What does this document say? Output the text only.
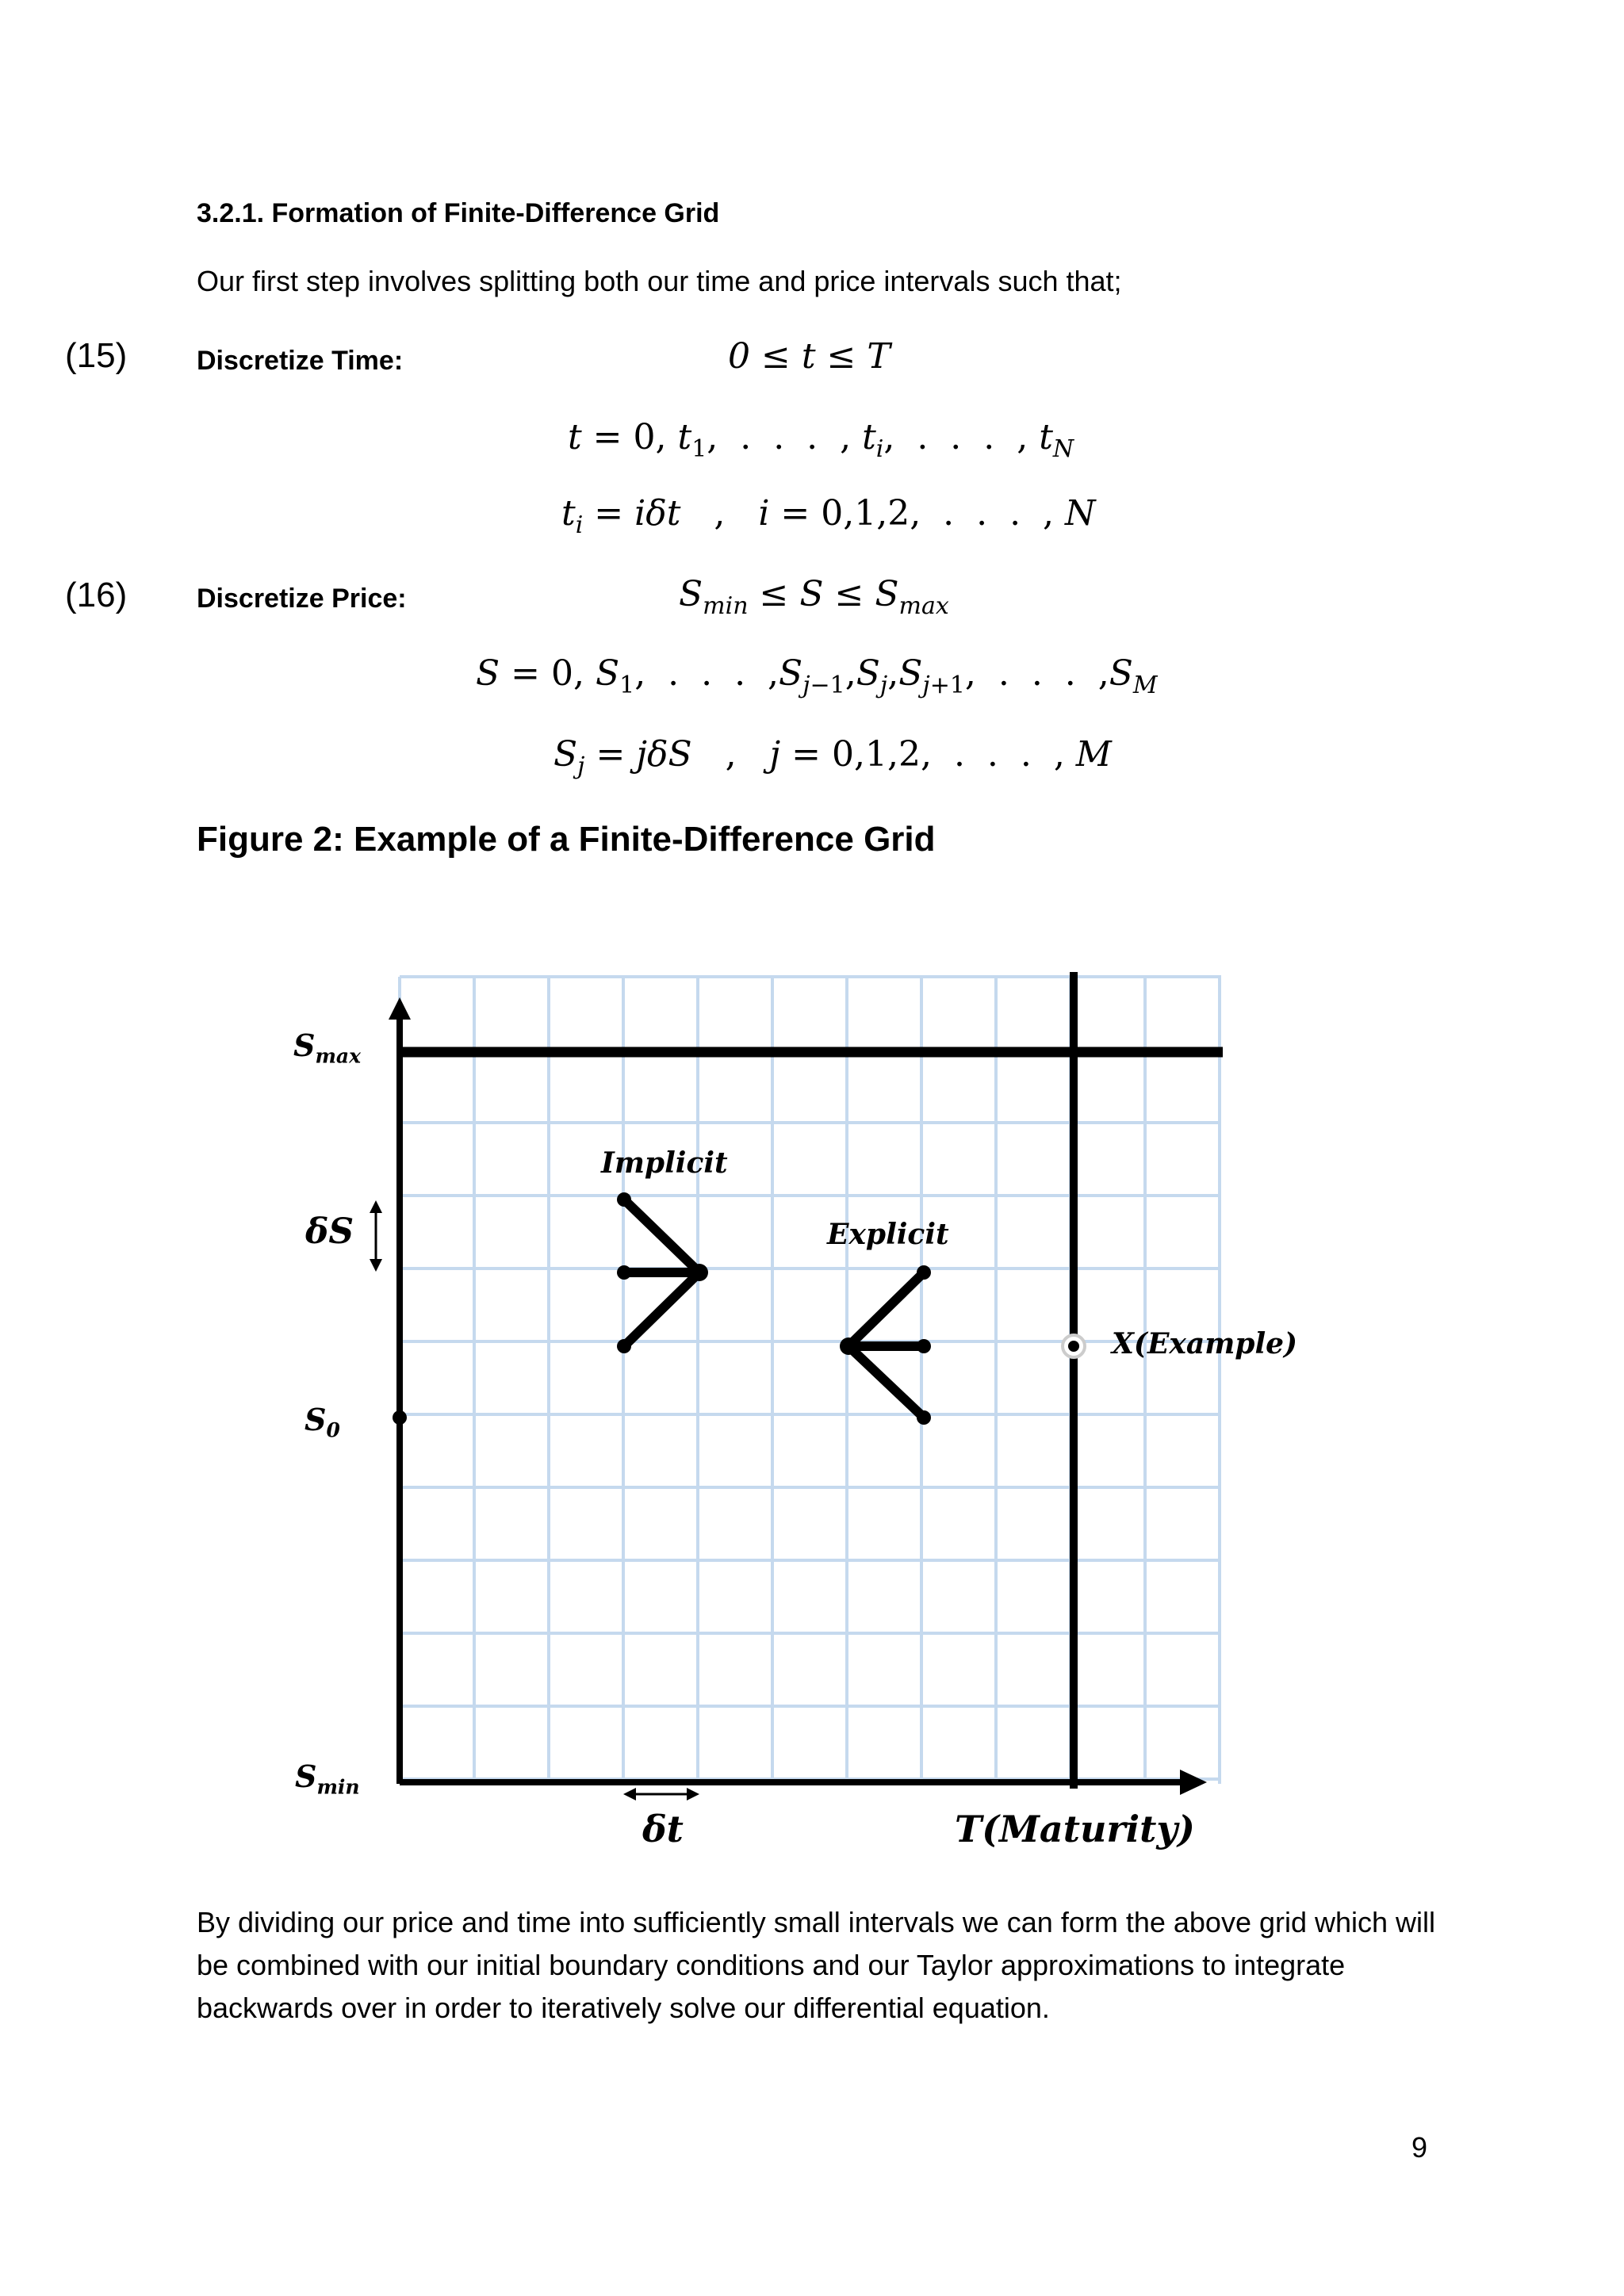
3.2.1. Formation of Finite-Difference Grid
Our first step involves splitting both our time and price intervals such that;
(15)	Discretize Time:	0 ≤ t ≤ T
t = 0, $t_1$,  .  .  .  , $t_i$,  .  .  .  , $t_N$
$t_i = i\delta t$   ,   i = 0,1,2,  .  .  .  , N
(16)	Discretize Price:	$S_{min} \le S \le S_{max}$
S = 0, $S_1$,  .  .  .  $,S_{j-1},S_j,S_{j+1}$,  .  .  .  $,S_M$
$S_j = j\delta S$   ,   j = 0,1,2,  .  .  .  , M
Figure 2: Example of a Finite-Difference Grid
$S_{max}$
δS
$S_0$
$S_{min}$
Implicit
Explicit
X(Example)
δt	T(Maturity)
By dividing our price and time into sufficiently small intervals we can form the above grid which will be combined with our initial boundary conditions and our Taylor approximations to integrate backwards over in order to iteratively solve our differential equation.
9
